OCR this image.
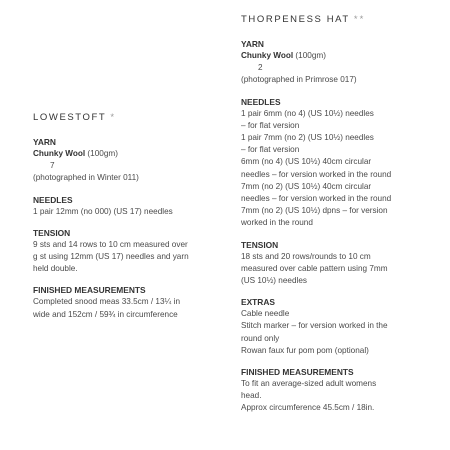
LOWESTOFT *
YARN
Chunky Wool (100gm)
7
(photographed in Winter 011)
NEEDLES
1 pair 12mm (no 000) (US 17) needles
TENSION
9 sts and 14 rows to 10 cm measured over
g st using 12mm (US 17) needles and yarn
held double.
FINISHED MEASUREMENTS
Completed snood meas 33.5cm / 13¼ in
wide and 152cm / 59¾ in circumference
THORPENESS HAT **
YARN
Chunky Wool (100gm)
2
(photographed in Primrose 017)
NEEDLES
1 pair 6mm (no 4) (US 10½) needles
– for flat version
1 pair 7mm (no 2) (US 10½) needles
– for flat version
6mm (no 4) (US 10½) 40cm circular
needles – for version worked in the round
7mm (no 2) (US 10½) 40cm circular
needles – for version worked in the round
7mm (no 2) (US 10½) dpns – for version
worked in the round
TENSION
18 sts and 20 rows/rounds to 10 cm
measured over cable pattern using 7mm
(US 10½) needles
EXTRAS
Cable needle
Stitch marker – for version worked in the
round only
Rowan faux fur pom pom (optional)
FINISHED MEASUREMENTS
To fit an average-sized adult womens
head.
Approx circumference 45.5cm / 18in.
